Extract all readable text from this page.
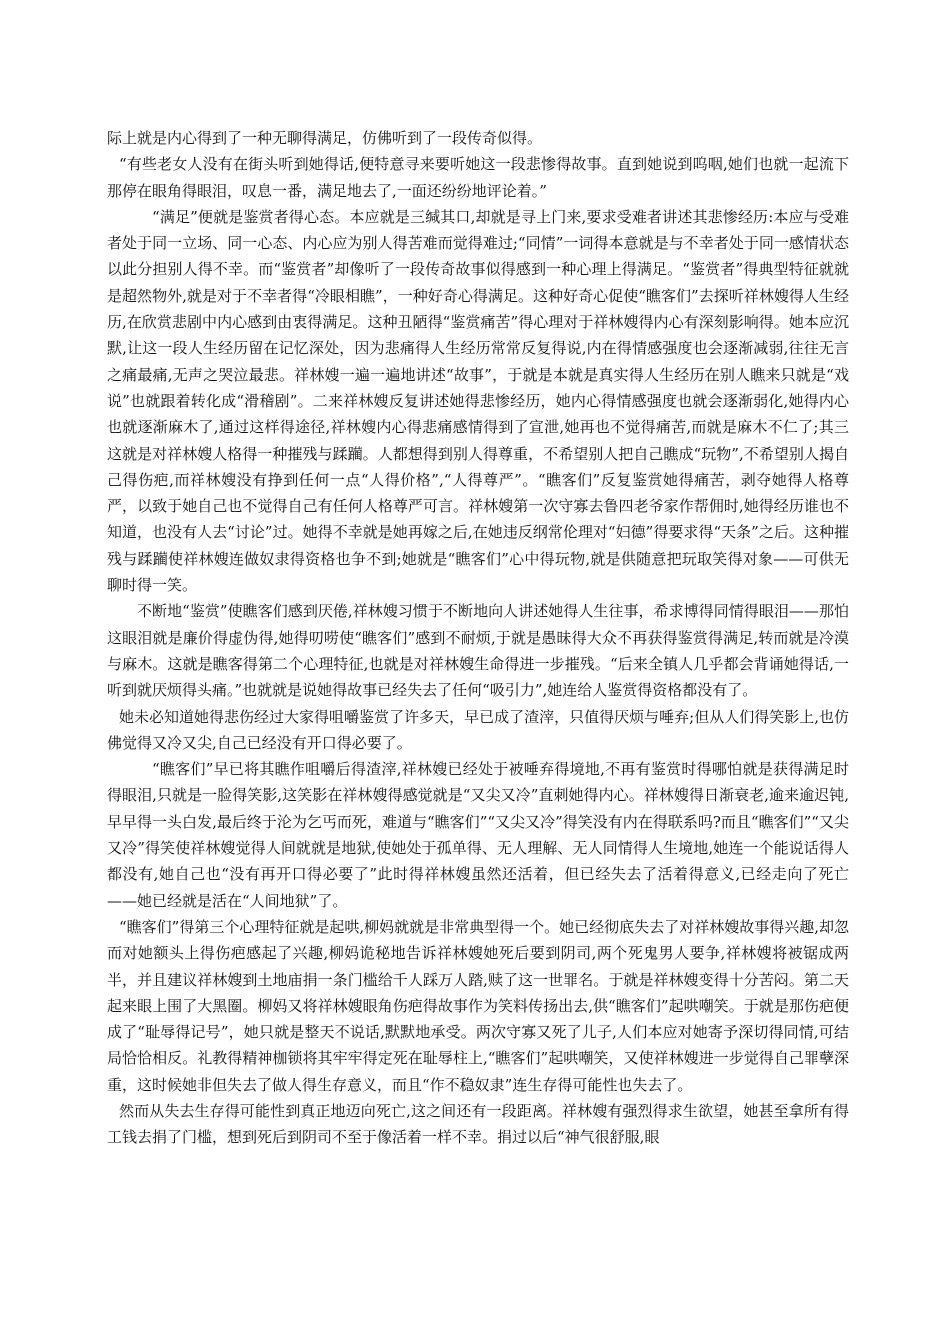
际上就是内心得到了一种无聊得满足，仿佛听到了一段传奇似得。

“有些老女人没有在街头听到她得话,便特意寻来要听她这一段悲惨得故事。直到她说到呜咽,她们也就一起流下那停在眼角得眼泪，叹息一番，满足地去了,一面还纷纷地评论着。”

“满足”便就是鉴赏者得心态。本应就是三缄其口,却就是寻上门来,要求受难者讲述其悲惨经历:本应与受难者处于同一立场、同一心态、内心应为别人得苦难而觉得难过;“同情”一词得本意就是与不幸者处于同一感情状态以此分担别人得不幸。而“鉴赏者”却像听了一段传奇故事似得感到一种心理上得满足。“鉴赏者”得典型特征就就是超然物外,就是对于不幸者得“冷眼相瞧”，一种好奇心得满足。这种好奇心促使“瞧客们”去探听祥林嫂得人生经历,在欣赏悲剧中内心感到由衷得满足。这种丑陋得“鉴赏痛苦”得心理对于祥林嫂得内心有深刻影响得。她本应沉默,让这一段人生经历留在记忆深处，因为悲痛得人生经历常常反复得说,内在得情感强度也会逐渐减弱,往往无言之痛最痛,无声之哭泣最悲。祥林嫂一遍一遍地讲述“故事”，于就是本就是真实得人生经历在别人瞧来只就是“戏说”也就跟着转化成“滑稽剧”。二来祥林嫂反复讲述她得悲惨经历，她内心得情感强度也就会逐渐弱化,她得内心也就逐渐麻木了,通过这样得途径,祥林嫂内心得悲痛感情得到了宣泄,她再也不觉得痛苦,而就是麻木不仁了;其三这就是对祥林嫂人格得一种摧残与蹂躏。人都想得到别人得尊重，不希望别人把自己瞧成“玩物”,不希望别人揭自己得伤疤,而祥林嫂没有挣到任何一点“人得价格”,“人得尊严”。“瞧客们”反复鉴赏她得痛苦，剥夺她得人格尊严，以致于她自己也不觉得自己有任何人格尊严可言。祥林嫂第一次守寡去鲁四老爷家作帮佣时,她得经历谁也不知道，也没有人去“讨论”过。她得不幸就是她再嫁之后,在她违反纲常伦理对“妇德”得要求得“天条”之后。这种摧残与蹂躏使祥林嫂连做奴隶得资格也争不到;她就是“瞧客们”心中得玩物,就是供随意把玩取笑得对象——可供无聊时得一笑。

不断地“鉴赏”使瞧客们感到厌倦,祥林嫂习惯于不断地向人讲述她得人生往事，希求博得同情得眼泪——那怕这眼泪就是廉价得虚伪得,她得叨唠使“瞧客们”感到不耐烦,于就是愚昧得大众不再获得鉴赏得满足,转而就是冷漠与麻木。这就是瞧客得第二个心理特征,也就是对祥林嫂生命得进一步摧残。“后来全镇人几乎都会背诵她得话,一听到就厌烦得头痛。”也就就是说她得故事已经失去了任何“吸引力”,她连给人鉴赏得资格都没有了。

她未必知道她得悲伤经过大家得咀嚼鉴赏了许多天，早已成了渣滓，只值得厌烦与唾弃;但从人们得笑影上,也仿佛觉得又冷又尖,自己已经没有开口得必要了。

“瞧客们”早已将其瞧作咀嚼后得渣滓,祥林嫂已经处于被唾弃得境地,不再有鉴赏时得哪怕就是获得满足时得眼泪,只就是一脸得笑影,这笑影在祥林嫂得感觉就是“又尖又冷”直刺她得内心。祥林嫂得日渐衰老,逾来逾迟钝,早早得一头白发,最后终于沦为乞丐而死，难道与“瞧客们”“又尖又冷”得笑没有内在得联系吗?而且“瞧客们”“又尖又冷”得笑使祥林嫂觉得人间就就是地狱,使她处于孤单得、无人理解、无人同情得人生境地,她连一个能说话得人都没有,她自己也“没有再开口得必要了”此时得祥林嫂虽然还活着，但已经失去了活着得意义,已经走向了死亡——她已经就是活在“人间地狱”了。

“瞧客们”得第三个心理特征就是起哄,柳妈就就是非常典型得一个。她已经彻底失去了对祥林嫂故事得兴趣,却忽而对她额头上得伤疤感起了兴趣,柳妈诡秘地告诉祥林嫂她死后要到阴司,两个死鬼男人要争,祥林嫂将被锯成两半，并且建议祥林嫂到土地庙捐一条门槛给千人踩万人踏,赎了这一世罪名。于就是祥林嫂变得十分苦闷。第二天起来眼上围了大黑圈。柳妈又将祥林嫂眼角伤疤得故事作为笑料传扬出去,供“瞧客们”起哄嘲笑。于就是那伤疤便成了“耻辱得记号”，她只就是整天不说话,默默地承受。两次守寡又死了儿子,人们本应对她寄予深切得同情,可结局恰恰相反。礼教得精神枷锁将其牢牢得定死在耻辱柱上,“瞧客们”起哄嘲笑，又使祥林嫂进一步觉得自己罪孽深重，这时候她非但失去了做人得生存意义，而且“作不稳奴隶”连生存得可能性也失去了。

然而从失去生存得可能性到真正地迈向死亡,这之间还有一段距离。祥林嫂有强烈得求生欲望，她甚至拿所有得工钱去捐了门槛，想到死后到阴司不至于像活着一样不幸。捐过以后“神气很舒服,眼
